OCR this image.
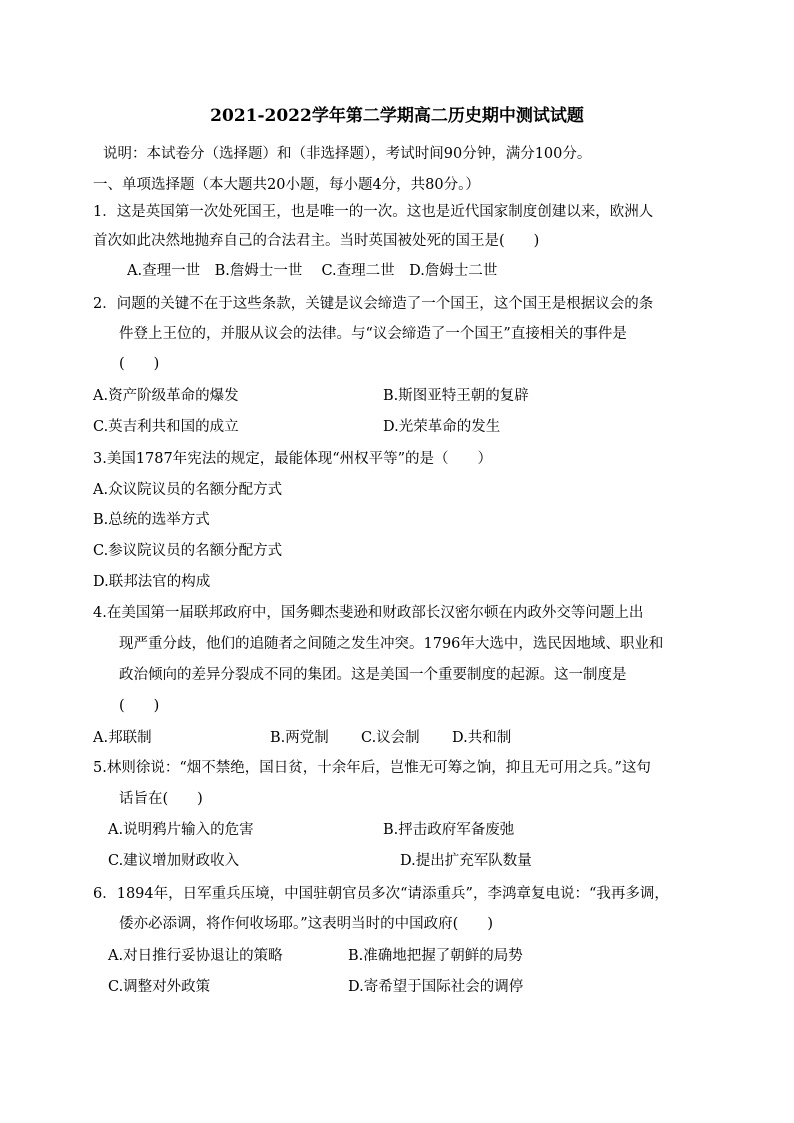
2021-2022学年第二学期高二历史期中测试试题
说明：本试卷分（选择题）和（非选择题），考试时间90分钟，满分100分。
一、单项选择题（本大题共20小题，每小题4分，共80分。）
1．这是英国第一次处死国王，也是唯一的一次。这也是近代国家制度创建以来，欧洲人
首次如此决然地抛弃自己的合法君主。当时英国被处死的国王是(　　)
A.查理一世　B.詹姆士一世　 C.查理二世　D.詹姆士二世
2．问题的关键不在于这些条款，关键是议会缔造了一个国王，这个国王是根据议会的条
件登上王位的，并服从议会的法律。与“议会缔造了一个国王”直接相关的事件是
(　　)
A.资产阶级革命的爆发	B.斯图亚特王朝的复辟
C.英吉利共和国的成立	D.光荣革命的发生
3.美国1787年宪法的规定，最能体现“州权平等”的是（　　）
A.众议院议员的名额分配方式
B.总统的选举方式
C.参议院议员的名额分配方式
D.联邦法官的构成
4.在美国第一届联邦政府中，国务卿杰斐逊和财政部长汉密尔顿在内政外交等问题上出
现严重分歧，他们的追随者之间随之发生冲突。1796年大选中，选民因地域、职业和
政治倾向的差异分裂成不同的集团。这是美国一个重要制度的起源。这一制度是
(　　)
A.邦联制	B.两党制 C.议会制 D.共和制
5.林则徐说：“烟不禁绝，国日贫，十余年后，岂惟无可筹之饷，抑且无可用之兵。”这句
话旨在(　　)
A.说明鸦片输入的危害	B.抨击政府军备废弛
C.建议增加财政收入	D.提出扩充军队数量
6．1894年，日军重兵压境，中国驻朝官员多次“请添重兵”，李鸿章复电说：“我再多调，
倭亦必添调，将作何收场耶。”这表明当时的中国政府(　　)
A.对日推行妥协退让的策略	B.准确地把握了朝鲜的局势
C.调整对外政策	D.寄希望于国际社会的调停
